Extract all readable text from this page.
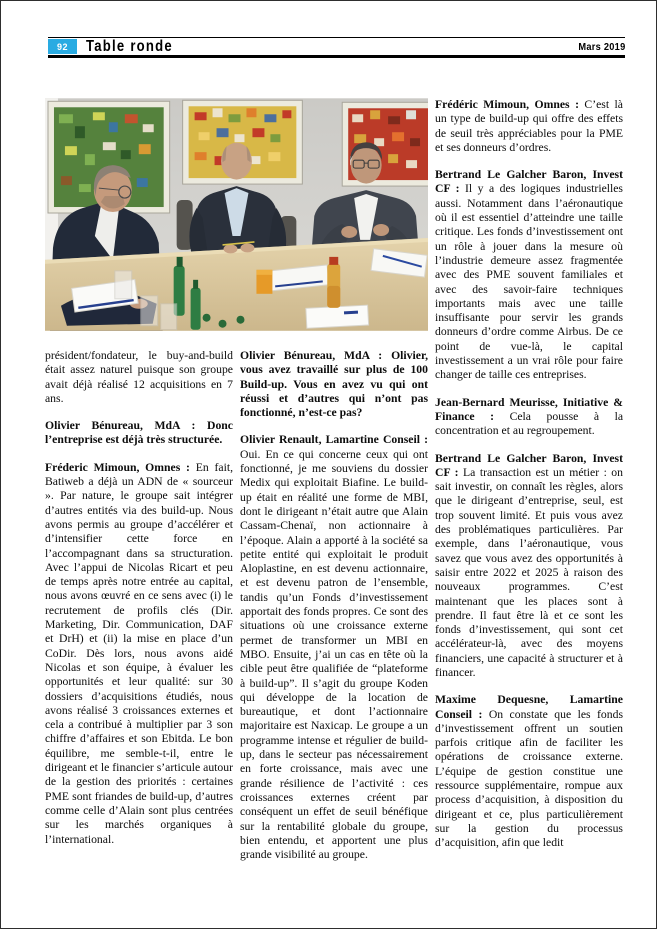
92	Table ronde	Mars 2019

président/fondateur, le buy-and-build était assez naturel puisque son groupe avait déjà réalisé 12 acquisitions en 7 ans.

Olivier Bénureau, MdA : Donc l’entreprise est déjà très structurée.

Fréderic Mimoun, Omnes : En fait, Batiweb a déjà un ADN de « sourceur ». Par nature, le groupe sait intégrer d’autres entités via des build-up. Nous avons permis au groupe d’accélérer et d’intensifier cette force en l’accompagnant dans sa structuration. Avec l’appui de Nicolas Ricart et peu de temps après notre entrée au capital, nous avons œuvré en ce sens avec (i) le recrutement de profils clés (Dir. Marketing, Dir. Communication, DAF et DrH) et (ii) la mise en place d’un CoDir. Dès lors, nous avons aidé Nicolas et son équipe, à évaluer les opportunités et leur qualité: sur 30 dossiers d’acquisitions étudiés, nous avons réalisé 3 croissances externes et cela a contribué à multiplier par 3 son chiffre d’affaires et son Ebitda. Le bon équilibre, me semble-t-il, entre le dirigeant et le financier s’articule autour de la gestion des priorités : certaines PME sont friandes de build-up, d’autres comme celle d’Alain sont plus centrées sur les marchés organiques à l’international.

Olivier Bénureau, MdA : Olivier, vous avez travaillé sur plus de 100 Build-up. Vous en avez vu qui ont réussi et d’autres qui n’ont pas fonctionné, n’est-ce pas?

Olivier Renault, Lamartine Conseil : Oui. En ce qui concerne ceux qui ont fonctionné, je me souviens du dossier Medix qui exploitait Biafine. Le build-up était en réalité une forme de MBI, dont le dirigeant n’était autre que Alain Cassam-Chenaï, non actionnaire à l’époque. Alain a apporté à la société sa petite entité qui exploitait le produit Aloplastine, en est devenu actionnaire, et est devenu patron de l’ensemble, tandis qu’un Fonds d’investissement apportait des fonds propres. Ce sont des situations où une croissance externe permet de transformer un MBI en MBO. Ensuite, j’ai un cas en tête où la cible peut être qualifiée de “plateforme à build-up”. Il s’agit du groupe Koden qui développe de la location de bureautique, et dont l’actionnaire majoritaire est Naxicap. Le groupe a un programme intense et régulier de build-up, dans le secteur pas nécessairement en forte croissance, mais avec une grande résilience de l’activité : ces croissances externes créent par conséquent un effet de seuil bénéfique sur la rentabilité globale du groupe, bien entendu, et apportent une plus grande visibilité au groupe.

Frédéric Mimoun, Omnes : C’est là un type de build-up qui offre des effets de seuil très appréciables pour la PME et ses donneurs d’ordres.

Bertrand Le Galcher Baron, Invest CF : Il y a des logiques industrielles aussi. Notamment dans l’aéronautique où il est essentiel d’atteindre une taille critique. Les fonds d’investissement ont un rôle à jouer dans la mesure où l’industrie demeure assez fragmentée avec des PME souvent familiales et avec des savoir-faire techniques importants mais avec une taille insuffisante pour servir les grands donneurs d’ordre comme Airbus. De ce point de vue-là, le capital investissement a un vrai rôle pour faire changer de taille ces entreprises.

Jean-Bernard Meurisse, Initiative & Finance : Cela pousse à la concentration et au regroupement.

Bertrand Le Galcher Baron, Invest CF : La transaction est un métier : on sait investir, on connaît les règles, alors que le dirigeant d’entreprise, seul, est trop souvent limité. Et puis vous avez des problématiques particulières. Par exemple, dans l’aéronautique, vous savez que vous avez des opportunités à saisir entre 2022 et 2025 à raison des nouveaux programmes. C’est maintenant que les places sont à prendre. Il faut être là et ce sont les fonds d’investissement, qui sont cet accélérateur-là, avec des moyens financiers, une capacité à structurer et à financer.

Maxime Dequesne, Lamartine Conseil : On constate que les fonds d’investissement offrent un soutien parfois critique afin de faciliter les opérations de croissance externe. L’équipe de gestion constitue une ressource supplémentaire, rompue aux process d’acquisition, à disposition du dirigeant et ce, plus particulièrement sur la gestion du processus d’acquisition, afin que ledit
